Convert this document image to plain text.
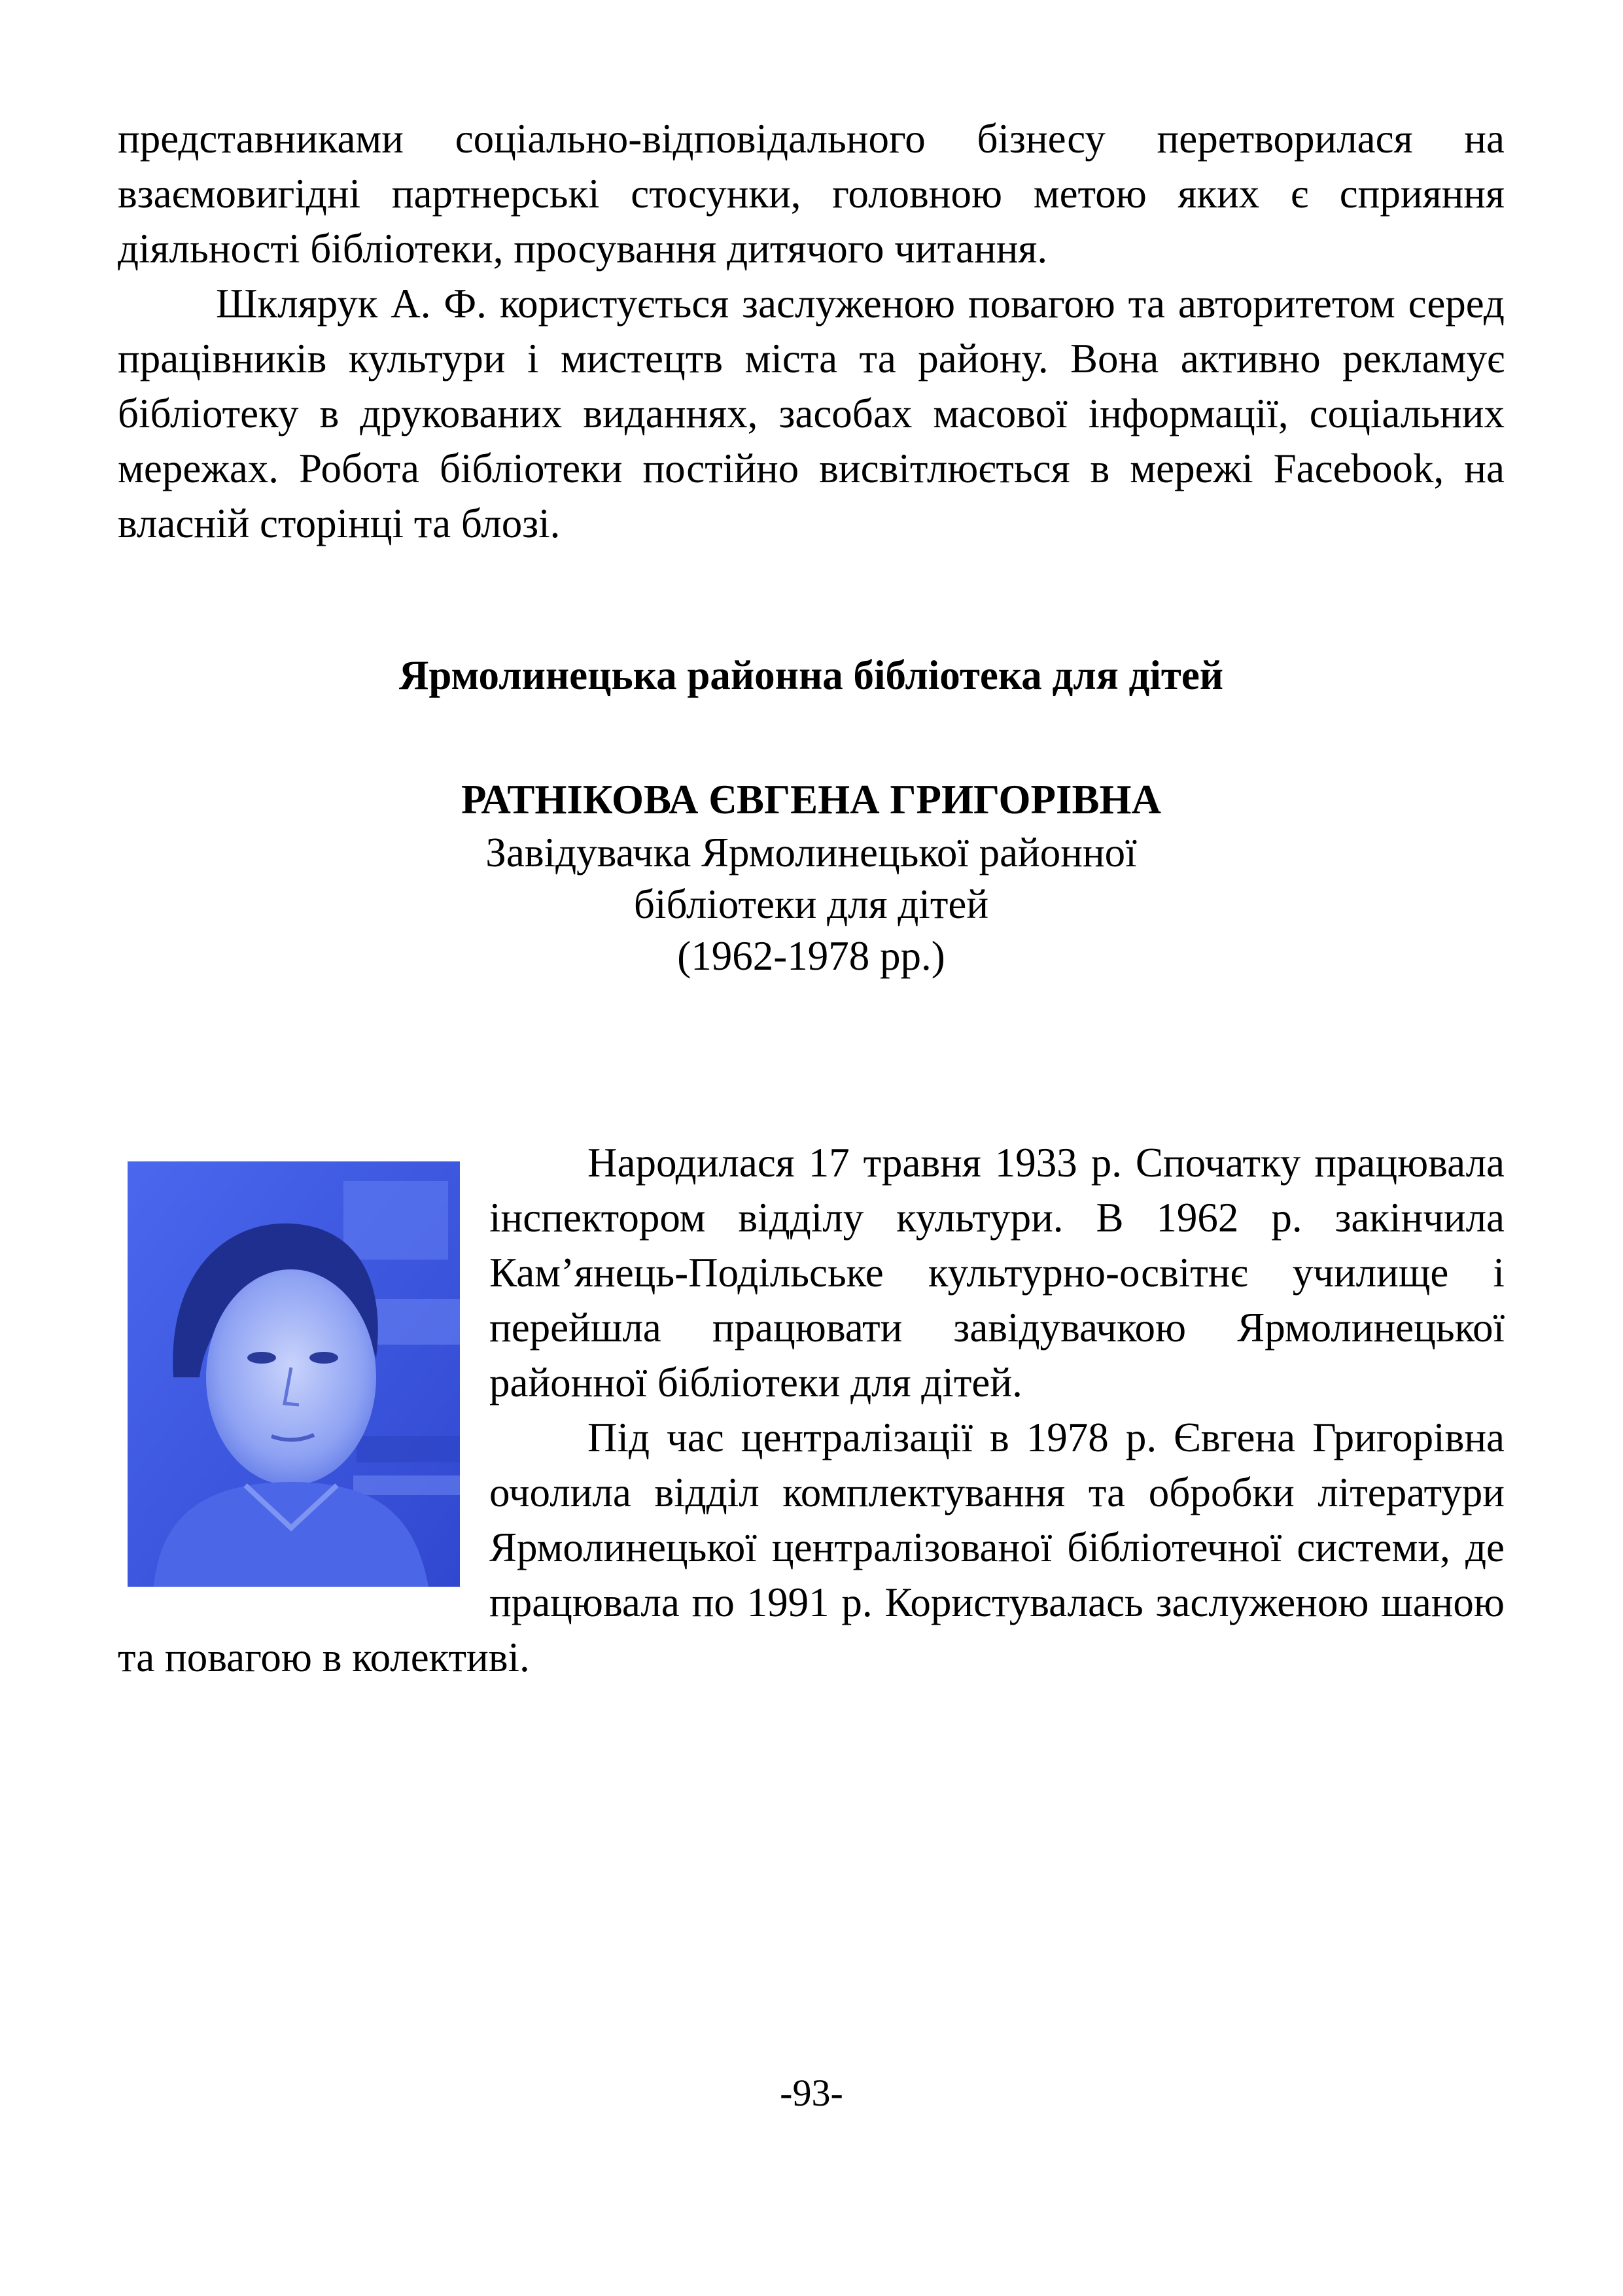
представниками соціально-відповідального бізнесу перетворилася на взаємовигідні партнерські стосунки, головною метою яких є сприяння діяльності бібліотеки, просування дитячого читання.

Шклярук А. Ф. користується заслуженою повагою та авторитетом серед працівників культури і мистецтв міста та району. Вона активно рекламує бібліотеку в друкованих виданнях, засобах масової інформації, соціальних мережах. Робота бібліотеки постійно висвітлюється в мережі Facebook, на власній сторінці та блозі.

Ярмолинецька районна бібліотека для дітей

РАТНІКОВА ЄВГЕНА ГРИГОРІВНА

Завідувачка Ярмолинецької районної

бібліотеки для дітей

(1962-1978 рр.)

Народилася 17 травня 1933 р. Спочатку працювала інспектором відділу культури. В 1962 р. закінчила Кам’янець-Подільське культурно-освітнє училище і перейшла працювати завідувачкою Ярмолинецької районної бібліотеки для дітей.

Під час централізації в 1978 р. Євгена Григорівна очолила відділ комплектування та обробки літератури Ярмолинецької централізованої бібліотечної системи, де працювала по 1991 р. Користувалась заслуженою шаною та повагою в колективі.

-93-
